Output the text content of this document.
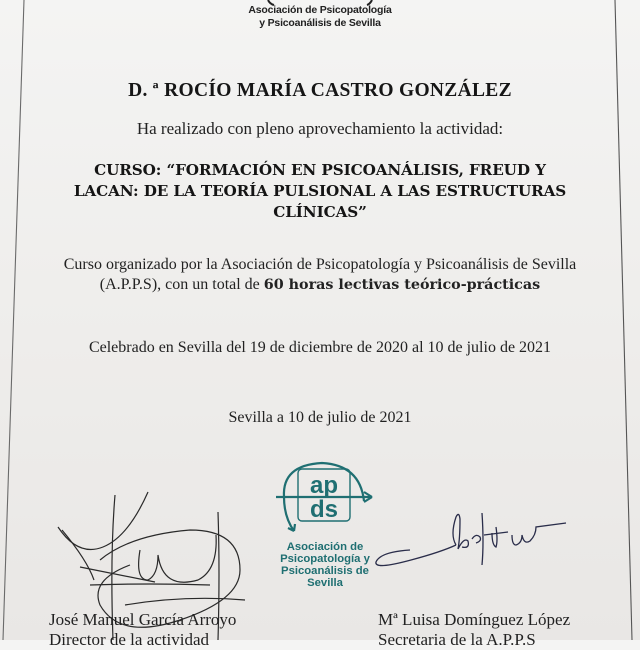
Asociación de Psicopatología
y Psicoanálisis de Sevilla
D. ª ROCÍO MARÍA CASTRO GONZÁLEZ
Ha realizado con pleno aprovechamiento la actividad:
CURSO: “FORMACIÓN EN PSICOANÁLISIS, FREUD Y
LACAN: DE LA TEORÍA PULSIONAL A LAS ESTRUCTURAS
CLÍNICAS”
Curso organizado por la Asociación de Psicopatología y Psicoanálisis de Sevilla
(A.P.P.S), con un total de 60 horas lectivas teórico-prácticas
Celebrado en Sevilla del 19 de diciembre de 2020 al 10 de julio de 2021
Sevilla a 10 de julio de 2021
ap
ds
Asociación de
Psicopatología y
Psicoanálisis de
Sevilla
José Manuel García Arroyo
Director de la actividad
Mª Luisa Domínguez López
Secretaria de la A.P.P.S
